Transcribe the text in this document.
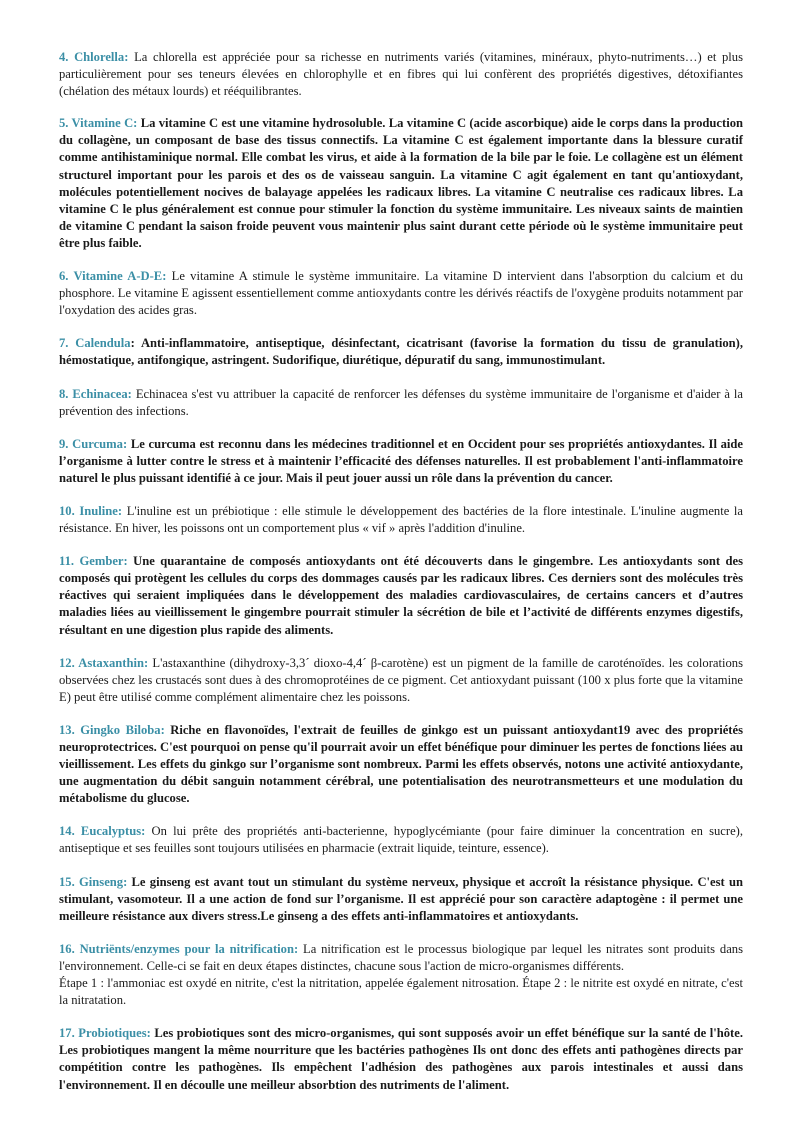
4. Chlorella: La chlorella est appréciée pour sa richesse en nutriments variés (vitamines, minéraux, phyto-nutriments…) et plus particulièrement pour ses teneurs élevées en chlorophylle et en fibres qui lui confèrent des propriétés digestives, détoxifiantes (chélation des métaux lourds) et rééquilibrantes.

5. Vitamine C: La vitamine C est une vitamine hydrosoluble. La vitamine C (acide ascorbique) aide le corps dans la production du collagène, un composant de base des tissus connectifs. La vitamine C est également importante dans la blessure curatif comme antihistaminique normal. Elle combat les virus, et aide à la formation de la bile par le foie. Le collagène est un élément structurel important pour les parois et des os de vaisseau sanguin. La vitamine C agit également en tant qu'antioxydant, molécules potentiellement nocives de balayage appelées les radicaux libres. La vitamine C neutralise ces radicaux libres. La vitamine C le plus généralement est connue pour stimuler la fonction du système immunitaire. Les niveaux saints de maintien de vitamine C pendant la saison froide peuvent vous maintenir plus saint durant cette période où le système immunitaire peut être plus faible.

6. Vitamine A-D-E: Le vitamine A stimule le système immunitaire. La vitamine D intervient dans l'absorption du calcium et du phosphore. Le vitamine E agissent essentiellement comme antioxydants contre les dérivés réactifs de l'oxygène produits notamment par l'oxydation des acides gras.

7. Calendula: Anti-inflammatoire, antiseptique, désinfectant, cicatrisant (favorise la formation du tissu de granulation), hémostatique, antifongique, astringent. Sudorifique, diurétique, dépuratif du sang, immunostimulant.

8. Echinacea: Echinacea s'est vu attribuer la capacité de renforcer les défenses du système immunitaire de l'organisme et d'aider à la prévention des infections.

9. Curcuma: Le curcuma est reconnu dans les médecines traditionnel et en Occident pour ses propriétés antioxydantes. Il aide l’organisme à lutter contre le stress et à maintenir l’efficacité des défenses naturelles. Il est probablement l'anti-inflammatoire naturel le plus puissant identifié à ce jour. Mais il peut jouer aussi un rôle dans la prévention du cancer.

10. Inuline: L'inuline est un prébiotique : elle stimule le développement des bactéries de la flore intestinale. L'inuline augmente la résistance. En hiver, les poissons ont un comportement plus « vif » après l'addition d'inuline.

11. Gember: Une quarantaine de composés antioxydants ont été découverts dans le gingembre. Les antioxydants sont des composés qui protègent les cellules du corps des dommages causés par les radicaux libres. Ces derniers sont des molécules très réactives qui seraient impliquées dans le développement des maladies cardiovasculaires, de certains cancers et d’autres maladies liées au vieillissement le gingembre pourrait stimuler la sécrétion de bile et l’activité de différents enzymes digestifs, résultant en une digestion plus rapide des aliments.

12. Astaxanthin: L'astaxanthine (dihydroxy-3,3´ dioxo-4,4´ β-carotène) est un pigment de la famille de caroténoïdes. les colorations observées chez les crustacés sont dues à des chromoprotéines de ce pigment. Cet antioxydant puissant (100 x plus forte que la vitamine E) peut être utilisé comme complément alimentaire chez les poissons.

13. Gingko Biloba: Riche en flavonoïdes, l'extrait de feuilles de ginkgo est un puissant antioxydant19 avec des propriétés neuroprotectrices. C'est pourquoi on pense qu'il pourrait avoir un effet bénéfique pour diminuer les pertes de fonctions liées au vieillissement. Les effets du ginkgo sur l’organisme sont nombreux. Parmi les effets observés, notons une activité antioxydante, une augmentation du débit sanguin notamment cérébral, une potentialisation des neurotransmetteurs et une modulation du métabolisme du glucose.

14. Eucalyptus: On lui prête des propriétés anti-bacterienne, hypoglycémiante (pour faire diminuer la concentration en sucre), antiseptique et ses feuilles sont toujours utilisées en pharmacie (extrait liquide, teinture, essence).

15. Ginseng: Le ginseng est avant tout un stimulant du système nerveux, physique et accroît la résistance physique. C'est un stimulant, vasomoteur. Il a une action de fond sur l’organisme. Il est apprécié pour son caractère adaptogène : il permet une meilleure résistance aux divers stress.Le ginseng a des effets anti-inflammatoires et antioxydants.

16. Nutriënts/enzymes pour la nitrification: La nitrification est le processus biologique par lequel les nitrates sont produits dans l'environnement. Celle-ci se fait en deux étapes distinctes, chacune sous l'action de micro-organismes différents.
Étape 1 : l'ammoniac est oxydé en nitrite, c'est la nitritation, appelée également nitrosation. Étape 2 : le nitrite est oxydé en nitrate, c'est la nitratation.

17. Probiotiques: Les probiotiques sont des micro-organismes, qui sont supposés avoir un effet bénéfique sur la santé de l'hôte. Les probiotiques mangent la même nourriture que les bactéries pathogènes Ils ont donc des effets anti pathogènes directs par compétition contre les pathogènes. Ils empêchent l'adhésion des pathogènes aux parois intestinales et aussi dans l'environnement. Il en découlle une meilleur absorbtion des nutriments de l'aliment.
